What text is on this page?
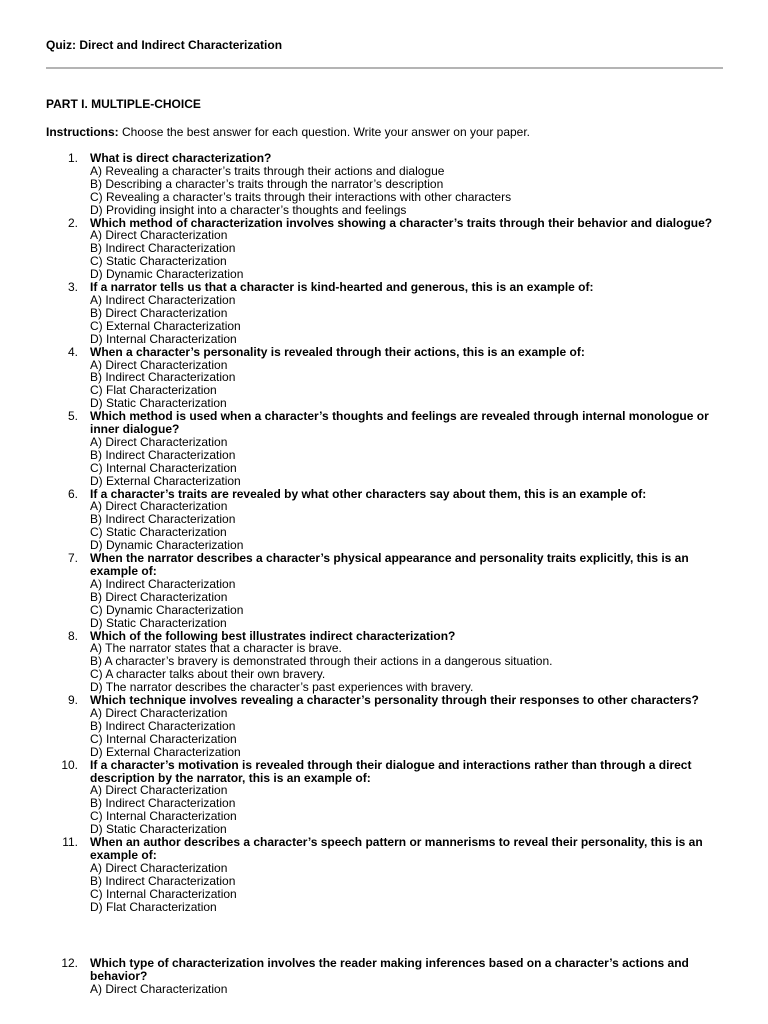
Quiz: Direct and Indirect Characterization
PART I. MULTIPLE-CHOICE
Instructions: Choose the best answer for each question. Write your answer on your paper.
1. What is direct characterization?
A) Revealing a character’s traits through their actions and dialogue
B) Describing a character’s traits through the narrator’s description
C) Revealing a character’s traits through their interactions with other characters
D) Providing insight into a character’s thoughts and feelings
2. Which method of characterization involves showing a character’s traits through their behavior and dialogue?
A) Direct Characterization
B) Indirect Characterization
C) Static Characterization
D) Dynamic Characterization
3. If a narrator tells us that a character is kind-hearted and generous, this is an example of:
A) Indirect Characterization
B) Direct Characterization
C) External Characterization
D) Internal Characterization
4. When a character’s personality is revealed through their actions, this is an example of:
A) Direct Characterization
B) Indirect Characterization
C) Flat Characterization
D) Static Characterization
5. Which method is used when a character’s thoughts and feelings are revealed through internal monologue or inner dialogue?
A) Direct Characterization
B) Indirect Characterization
C) Internal Characterization
D) External Characterization
6. If a character’s traits are revealed by what other characters say about them, this is an example of:
A) Direct Characterization
B) Indirect Characterization
C) Static Characterization
D) Dynamic Characterization
7. When the narrator describes a character’s physical appearance and personality traits explicitly, this is an example of:
A) Indirect Characterization
B) Direct Characterization
C) Dynamic Characterization
D) Static Characterization
8. Which of the following best illustrates indirect characterization?
A) The narrator states that a character is brave.
B) A character’s bravery is demonstrated through their actions in a dangerous situation.
C) A character talks about their own bravery.
D) The narrator describes the character’s past experiences with bravery.
9. Which technique involves revealing a character’s personality through their responses to other characters?
A) Direct Characterization
B) Indirect Characterization
C) Internal Characterization
D) External Characterization
10. If a character’s motivation is revealed through their dialogue and interactions rather than through a direct description by the narrator, this is an example of:
A) Direct Characterization
B) Indirect Characterization
C) Internal Characterization
D) Static Characterization
11. When an author describes a character’s speech pattern or mannerisms to reveal their personality, this is an example of:
A) Direct Characterization
B) Indirect Characterization
C) Internal Characterization
D) Flat Characterization
12. Which type of characterization involves the reader making inferences based on a character’s actions and behavior?
A) Direct Characterization
